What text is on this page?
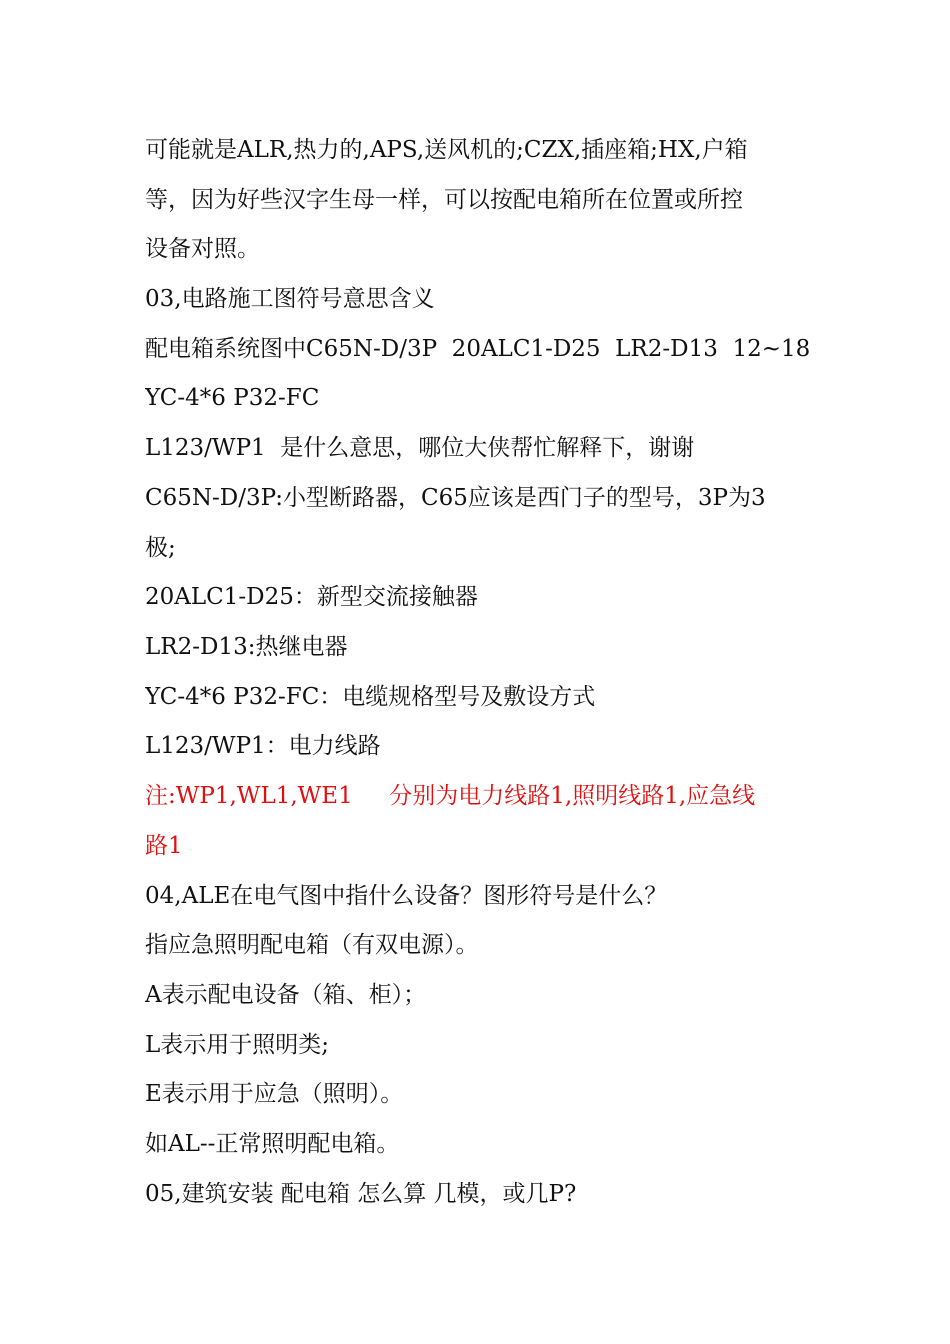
可能就是ALR,热力的,APS,送风机的;CZX,插座箱;HX,户箱
等，因为好些汉字生母一样，可以按配电箱所在位置或所控
设备对照。
03,电路施工图符号意思含义
配电箱系统图中C65N-D/3P  20ALC1-D25  LR2-D13  12~18
YC-4*6 P32-FC
L123/WP1  是什么意思，哪位大侠帮忙解释下，谢谢
C65N-D/3P:小型断路器，C65应该是西门子的型号，3P为3
极;
20ALC1-D25：新型交流接触器
LR2-D13:热继电器
YC-4*6 P32-FC：电缆规格型号及敷设方式
L123/WP1：电力线路
注:WP1,WL1,WE1     分别为电力线路1,照明线路1,应急线
路1
04,ALE在电气图中指什么设备？图形符号是什么？
指应急照明配电箱（有双电源）。
A表示配电设备（箱、柜）；
L表示用于照明类;
E表示用于应急（照明）。
如AL--正常照明配电箱。
05,建筑安装 配电箱 怎么算 几模，或几P?
